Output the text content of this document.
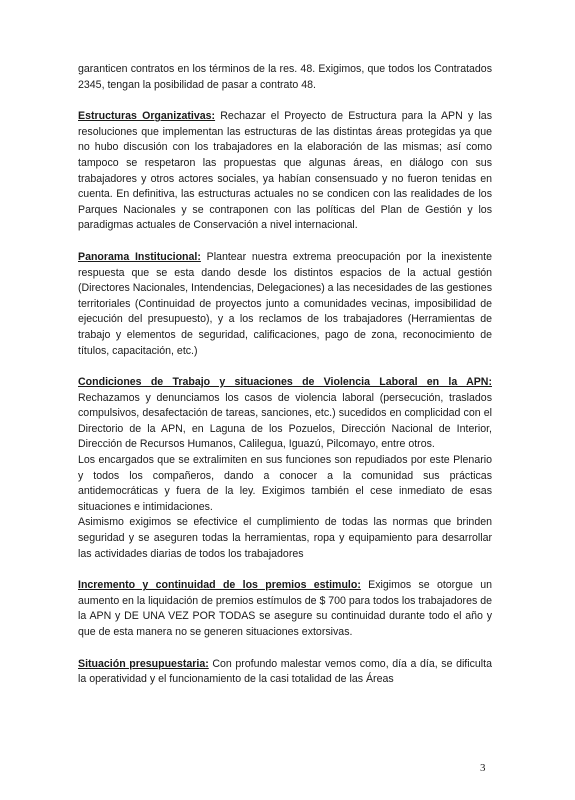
garanticen contratos en los términos de la res. 48. Exigimos, que todos los Contratados 2345, tengan la posibilidad de pasar a contrato 48.

Estructuras Organizativas: Rechazar el Proyecto de Estructura para la APN y las resoluciones que implementan las estructuras de las distintas áreas protegidas ya que no hubo discusión con los trabajadores en la elaboración de las mismas; así como tampoco se respetaron las propuestas que algunas áreas, en diálogo con sus trabajadores y otros actores sociales, ya habían consensuado y no fueron tenidas en cuenta. En definitiva, las estructuras actuales no se condicen con las realidades de los Parques Nacionales y se contraponen con las políticas del Plan de Gestión y los paradigmas actuales de Conservación a nivel internacional.

Panorama Institucional: Plantear nuestra extrema preocupación por la inexistente respuesta que se esta dando desde los distintos espacios de la actual gestión (Directores Nacionales, Intendencias, Delegaciones) a las necesidades de las gestiones territoriales (Continuidad de proyectos junto a comunidades vecinas, imposibilidad de ejecución del presupuesto), y a los reclamos de los trabajadores (Herramientas de trabajo y elementos de seguridad, calificaciones, pago de zona, reconocimiento de títulos, capacitación, etc.)

Condiciones de Trabajo y situaciones de Violencia Laboral en la APN: Rechazamos y denunciamos los casos de violencia laboral (persecución, traslados compulsivos, desafectación de tareas, sanciones, etc.) sucedidos en complicidad con el Directorio de la APN, en Laguna de los Pozuelos, Dirección Nacional de Interior, Dirección de Recursos Humanos, Calilegua, Iguazú, Pilcomayo, entre otros.

Los encargados que se extralimiten en sus funciones son repudiados por este Plenario y todos los compañeros, dando a conocer a la comunidad sus prácticas antidemocráticas y fuera de la ley. Exigimos también el cese inmediato de esas situaciones e intimidaciones.

Asimismo exigimos se efectivice el cumplimiento de todas las normas que brinden seguridad y se aseguren todas la herramientas, ropa y equipamiento para desarrollar las actividades diarias de todos los trabajadores

Incremento y continuidad de los premios estimulo: Exigimos se otorgue un aumento en la liquidación de premios estímulos de $ 700 para todos los trabajadores de la APN y DE UNA VEZ POR TODAS se asegure su continuidad durante todo el año y que de esta manera no se generen situaciones extorsivas.

Situación presupuestaria: Con profundo malestar vemos como, día a día, se dificulta la operatividad y el funcionamiento de la casi totalidad de las Áreas

3
